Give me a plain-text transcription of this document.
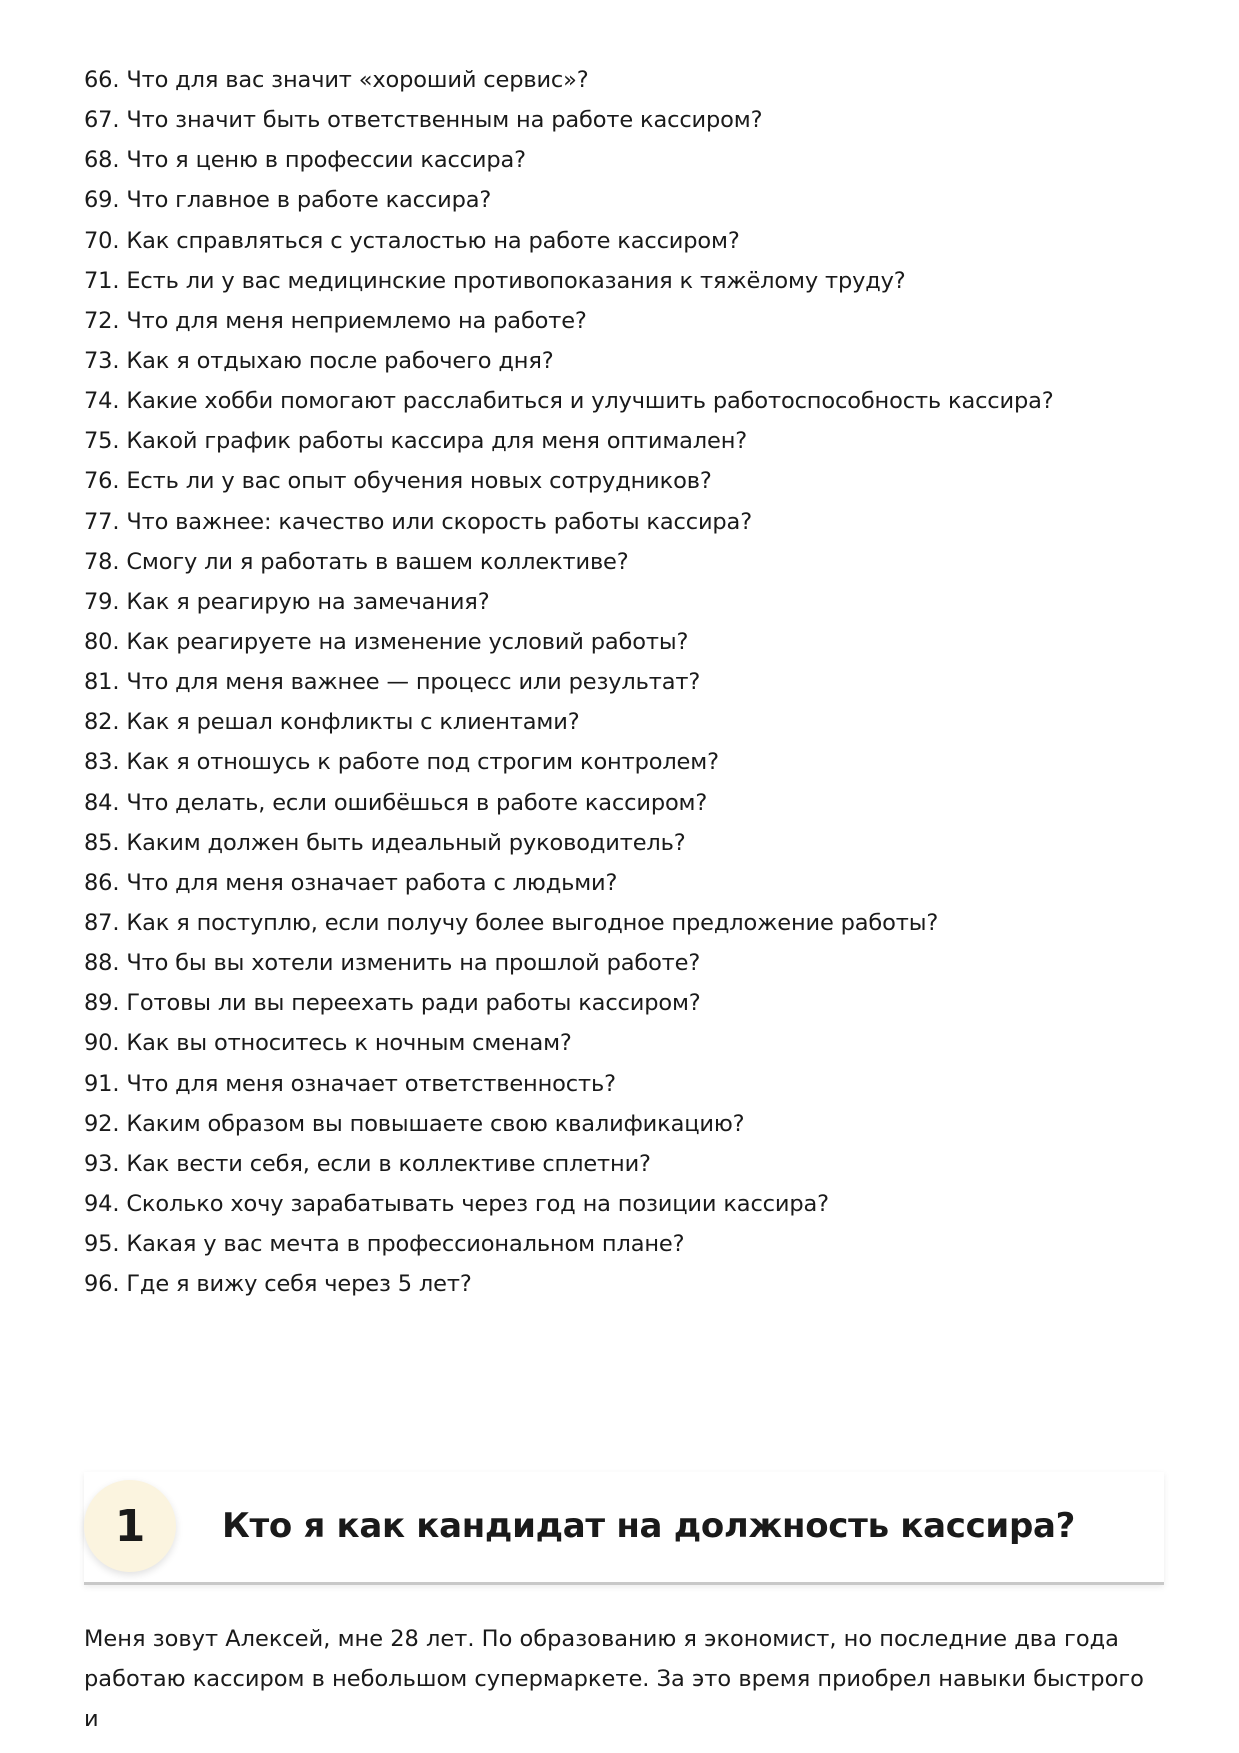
66. Что для вас значит «хороший сервис»?
67. Что значит быть ответственным на работе кассиром?
68. Что я ценю в профессии кассира?
69. Что главное в работе кассира?
70. Как справляться с усталостью на работе кассиром?
71. Есть ли у вас медицинские противопоказания к тяжёлому труду?
72. Что для меня неприемлемо на работе?
73. Как я отдыхаю после рабочего дня?
74. Какие хобби помогают расслабиться и улучшить работоспособность кассира?
75. Какой график работы кассира для меня оптимален?
76. Есть ли у вас опыт обучения новых сотрудников?
77. Что важнее: качество или скорость работы кассира?
78. Смогу ли я работать в вашем коллективе?
79. Как я реагирую на замечания?
80. Как реагируете на изменение условий работы?
81. Что для меня важнее — процесс или результат?
82. Как я решал конфликты с клиентами?
83. Как я отношусь к работе под строгим контролем?
84. Что делать, если ошибёшься в работе кассиром?
85. Каким должен быть идеальный руководитель?
86. Что для меня означает работа с людьми?
87. Как я поступлю, если получу более выгодное предложение работы?
88. Что бы вы хотели изменить на прошлой работе?
89. Готовы ли вы переехать ради работы кассиром?
90. Как вы относитесь к ночным сменам?
91. Что для меня означает ответственность?
92. Каким образом вы повышаете свою квалификацию?
93. Как вести себя, если в коллективе сплетни?
94. Сколько хочу зарабатывать через год на позиции кассира?
95. Какая у вас мечта в профессиональном плане?
96. Где я вижу себя через 5 лет?
1	Кто я как кандидат на должность кассира?

Меня зовут Алексей, мне 28 лет. По образованию я экономист, но последние два года работаю кассиром в небольшом супермаркете. За это время приобрел навыки быстрого и
